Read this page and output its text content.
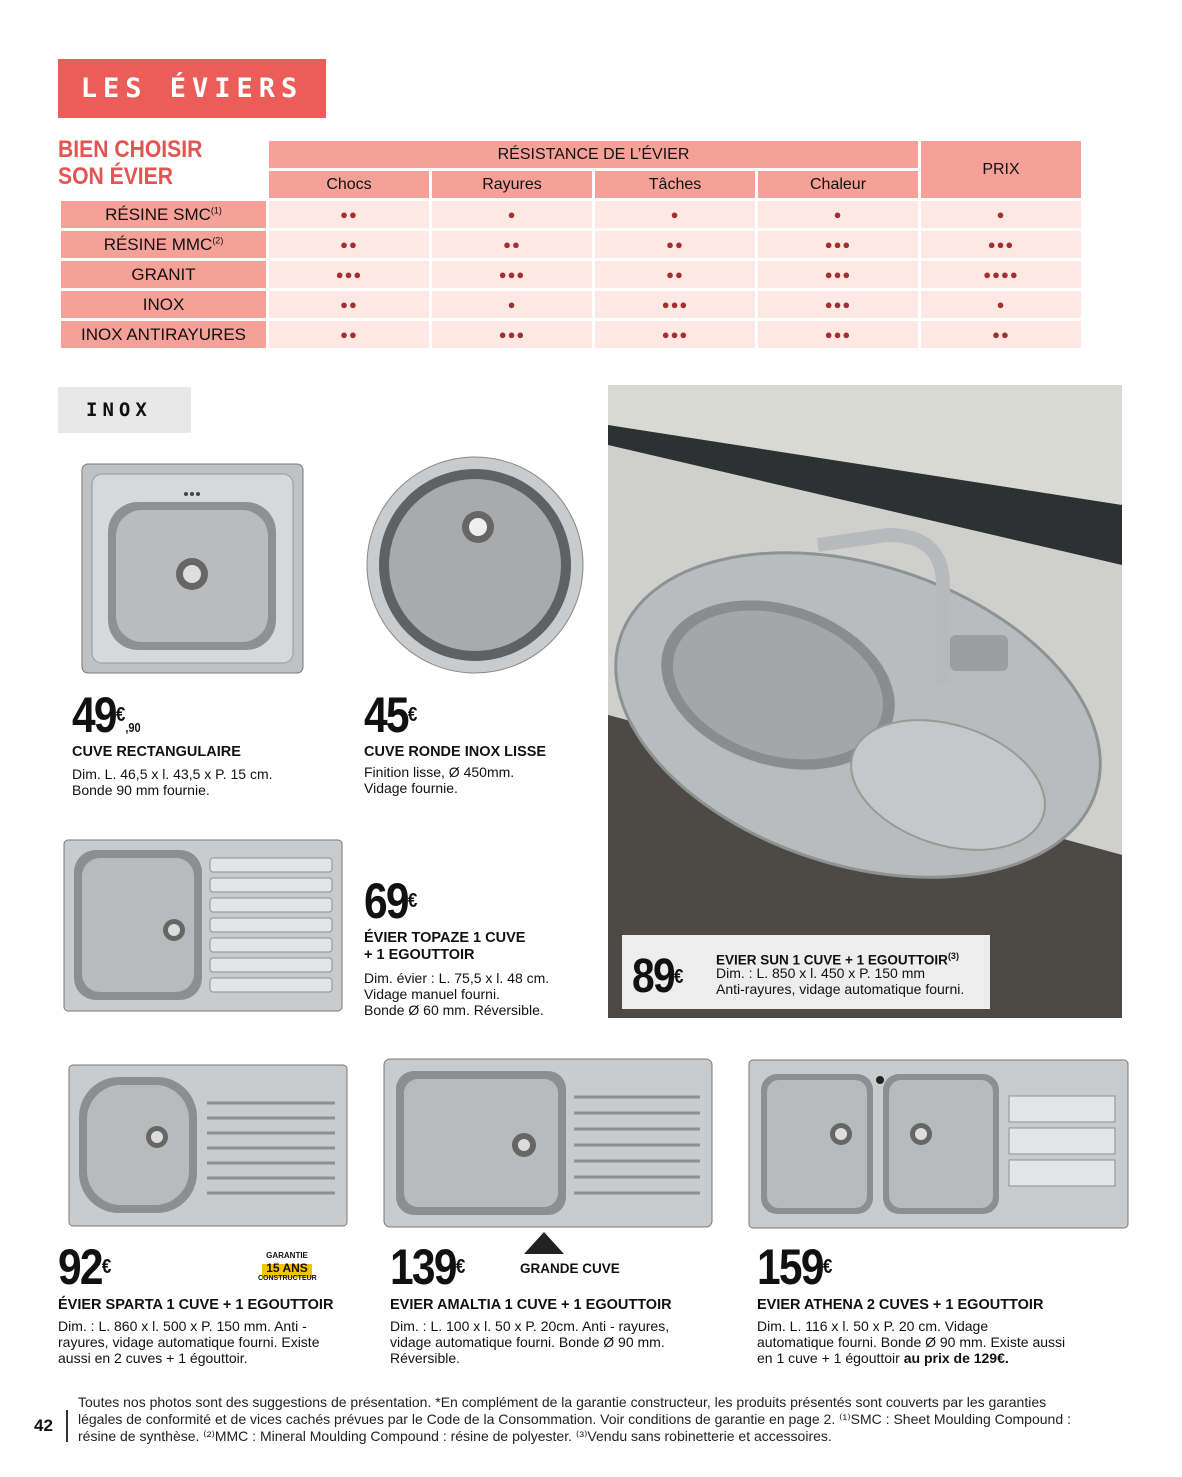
LES ÉVIERS
BIEN CHOISIR
SON ÉVIER
	RÉSISTANCE DE L’ÉVIER				PRIX
	Chocs	Rayures	Tâches	Chaleur	
RÉSINE SMC$^{(1)}$	●●	●	●	●	●
RÉSINE MMC$^{(2)}$	●●	●●	●●	●●●	●●●
GRANIT	●●●	●●●	●●	●●●	●●●●
INOX	●●	●	●●●	●●●	●
INOX ANTIRAYURES	●●	●●●	●●●	●●●	●●
INOX
89€
EVIER SUN 1 CUVE + 1 EGOUTTOIR$^{(3)}$
Dim. : L. 850 x l. 450 x P. 150 mm
Anti-rayures, vidage automatique fourni.
49€,90
CUVE RECTANGULAIRE
Dim. L. 46,5 x l. 43,5 x P. 15 cm.
Bonde 90 mm fournie.
45€
CUVE RONDE INOX LISSE
Finition lisse, Ø 450mm.
Vidage fournie.
69€
ÉVIER TOPAZE 1 CUVE
+ 1 EGOUTTOIR
Dim. évier : L. 75,5 x l. 48 cm.
Vidage manuel fourni.
Bonde Ø 60 mm. Réversible.
92€
GARANTIE
15 ANS
CONSTRUCTEUR
ÉVIER SPARTA 1 CUVE + 1 EGOUTTOIR
Dim. : L. 860 x l. 500 x P. 150 mm. Anti -
rayures, vidage automatique fourni. Existe
aussi en 2 cuves + 1 égouttoir.
139€	GRANDE CUVE
EVIER AMALTIA 1 CUVE + 1 EGOUTTOIR
Dim. : L. 100 x l. 50 x P. 20cm. Anti - rayures,
vidage automatique fourni. Bonde Ø 90 mm.
Réversible.
159€
EVIER ATHENA 2 CUVES + 1 EGOUTTOIR
Dim. L. 116 x l. 50 x P. 20 cm. Vidage
automatique fourni. Bonde Ø 90 mm. Existe aussi
en 1 cuve + 1 égouttoir au prix de 129€.
42
Toutes nos photos sont des suggestions de présentation. *En complément de la garantie constructeur, les produits présentés sont couverts par les garanties
légales de conformité et de vices cachés prévues par le Code de la Consommation. Voir conditions de garantie en page 2. ⁽¹⁾SMC : Sheet Moulding Compound :
résine de synthèse. ⁽²⁾MMC : Mineral Moulding Compound : résine de polyester. ⁽³⁾Vendu sans robinetterie et accessoires.
